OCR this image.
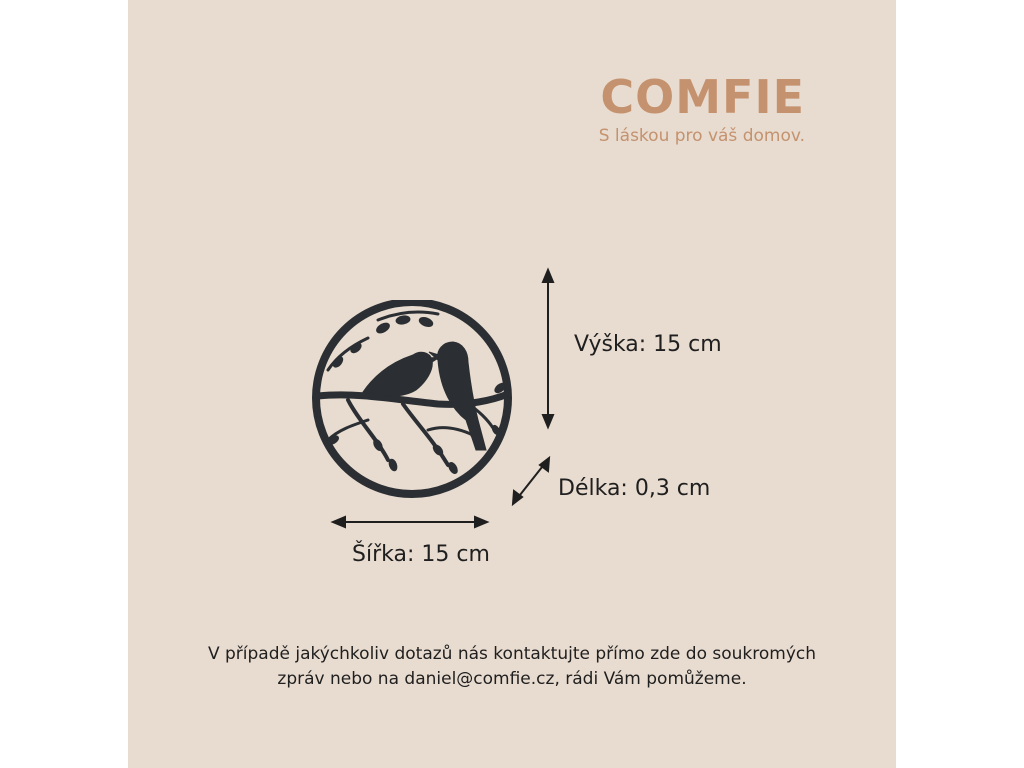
COMFIE
S láskou pro váš domov.
Výška: 15 cm
Délka: 0,3 cm
Šířka: 15 cm
V případě jakýchkoliv dotazů nás kontaktujte přímo zde do soukromých zpráv nebo na daniel@comfie.cz, rádi Vám pomůžeme.
